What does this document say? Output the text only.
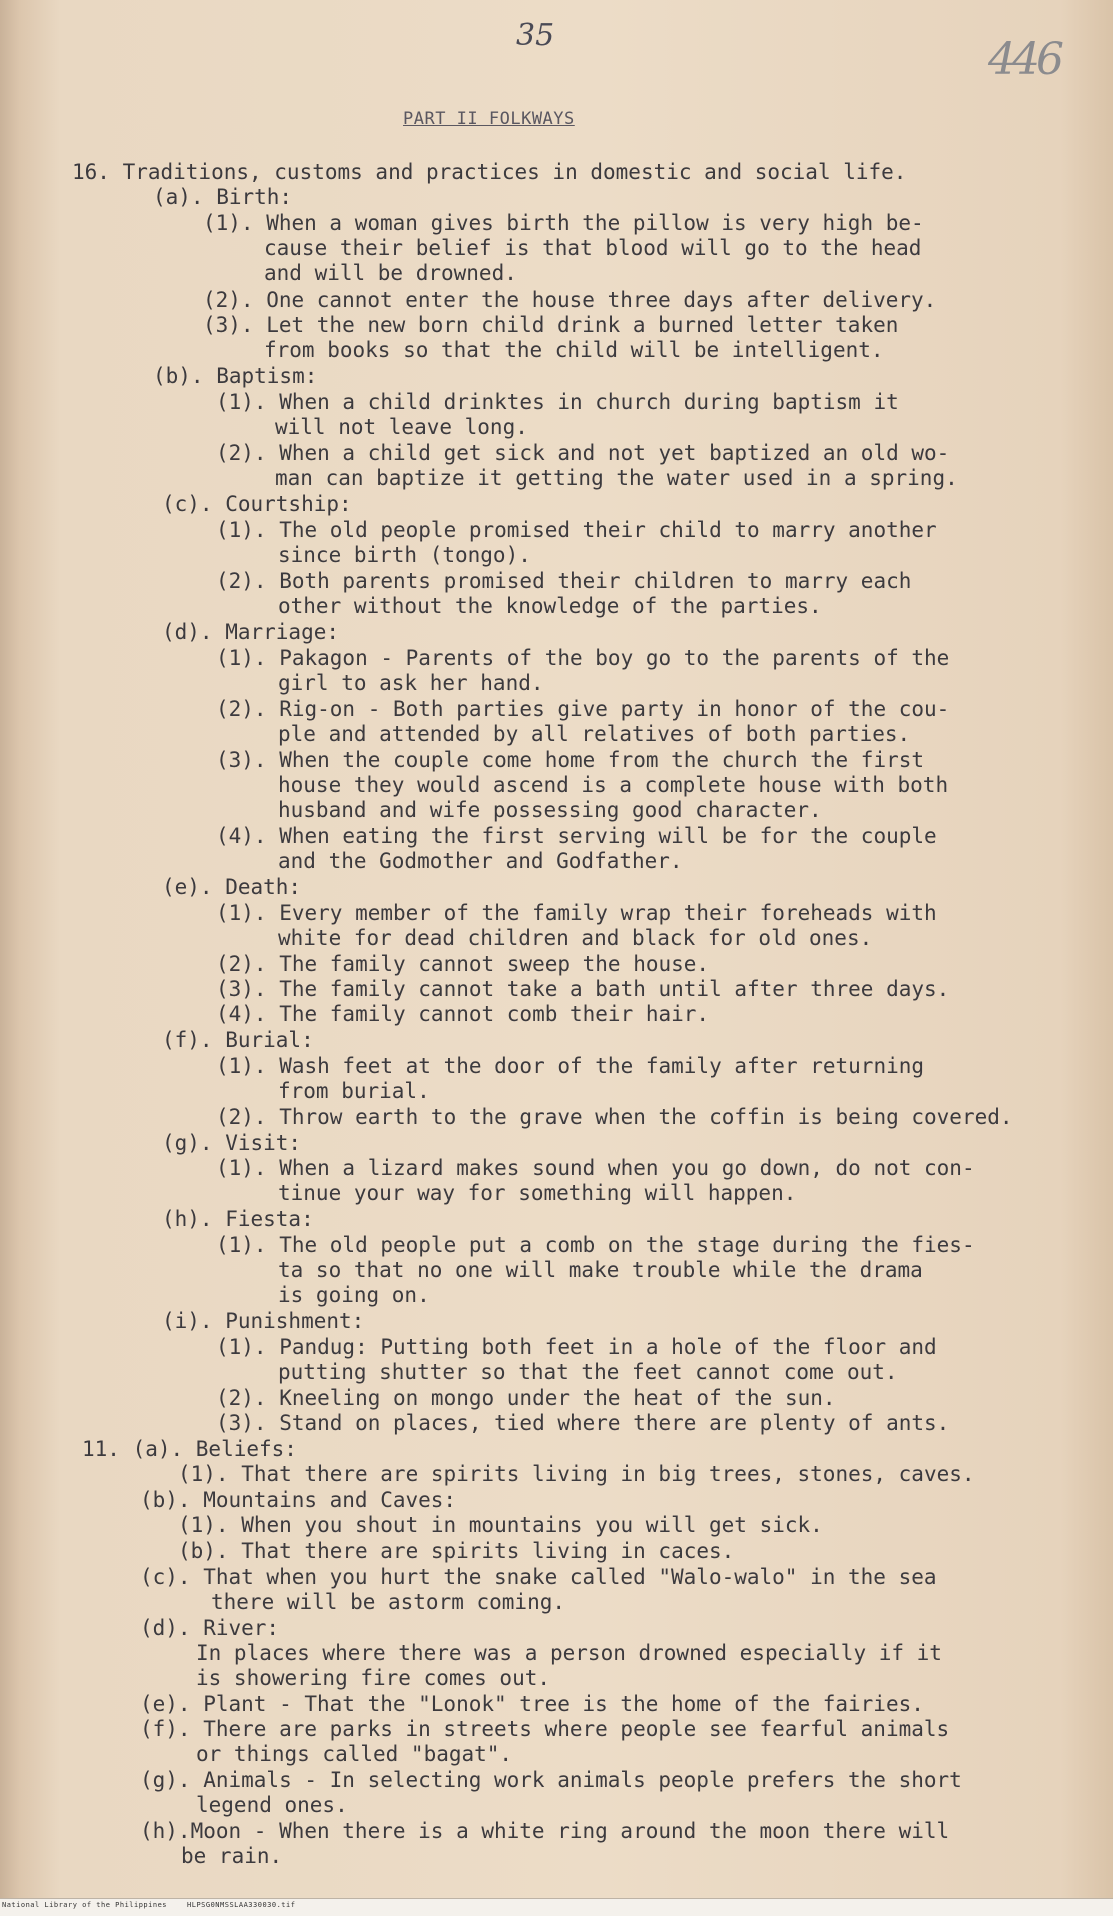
35	446
PART II FOLKWAYS
16. Traditions, customs and practices in domestic and social life.
(a). Birth:
(1). When a woman gives birth the pillow is very high be-
cause their belief is that blood will go to the head
and will be drowned.
(2). One cannot enter the house three days after delivery.
(3). Let the new born child drink a burned letter taken
from books so that the child will be intelligent.
(b). Baptism:
(1). When a child drinktes in church during baptism it
will not leave long.
(2). When a child get sick and not yet baptized an old wo-
man can baptize it getting the water used in a spring.
(c). Courtship:
(1). The old people promised their child to marry another
since birth (tongo).
(2). Both parents promised their children to marry each
other without the knowledge of the parties.
(d). Marriage:
(1). Pakagon - Parents of the boy go to the parents of the
girl to ask her hand.
(2). Rig-on - Both parties give party in honor of the cou-
ple and attended by all relatives of both parties.
(3). When the couple come home from the church the first
house they would ascend is a complete house with both
husband and wife possessing good character.
(4). When eating the first serving will be for the couple
and the Godmother and Godfather.
(e). Death:
(1). Every member of the family wrap their foreheads with
white for dead children and black for old ones.
(2). The family cannot sweep the house.
(3). The family cannot take a bath until after three days.
(4). The family cannot comb their hair.
(f). Burial:
(1). Wash feet at the door of the family after returning
from burial.
(2). Throw earth to the grave when the coffin is being covered.
(g). Visit:
(1). When a lizard makes sound when you go down, do not con-
tinue your way for something will happen.
(h). Fiesta:
(1). The old people put a comb on the stage during the fies-
ta so that no one will make trouble while the drama
is going on.
(i). Punishment:
(1). Pandug: Putting both feet in a hole of the floor and
putting shutter so that the feet cannot come out.
(2). Kneeling on mongo under the heat of the sun.
(3). Stand on places, tied where there are plenty of ants.
11. (a). Beliefs:
(1). That there are spirits living in big trees, stones, caves.
(b). Mountains and Caves:
(1). When you shout in mountains you will get sick.
(b). That there are spirits living in caces.
(c). That when you hurt the snake called "Walo-walo" in the sea
there will be astorm coming.
(d). River:
In places where there was a person drowned especially if it
is showering fire comes out.
(e). Plant - That the "Lonok" tree is the home of the fairies.
(f). There are parks in streets where people see fearful animals
or things called "bagat".
(g). Animals - In selecting work animals people prefers the short
legend ones.
(h).Moon - When there is a white ring around the moon there will
be rain.
National Library of the Philippines	HLPSG0NMSSLAA330030.tif
